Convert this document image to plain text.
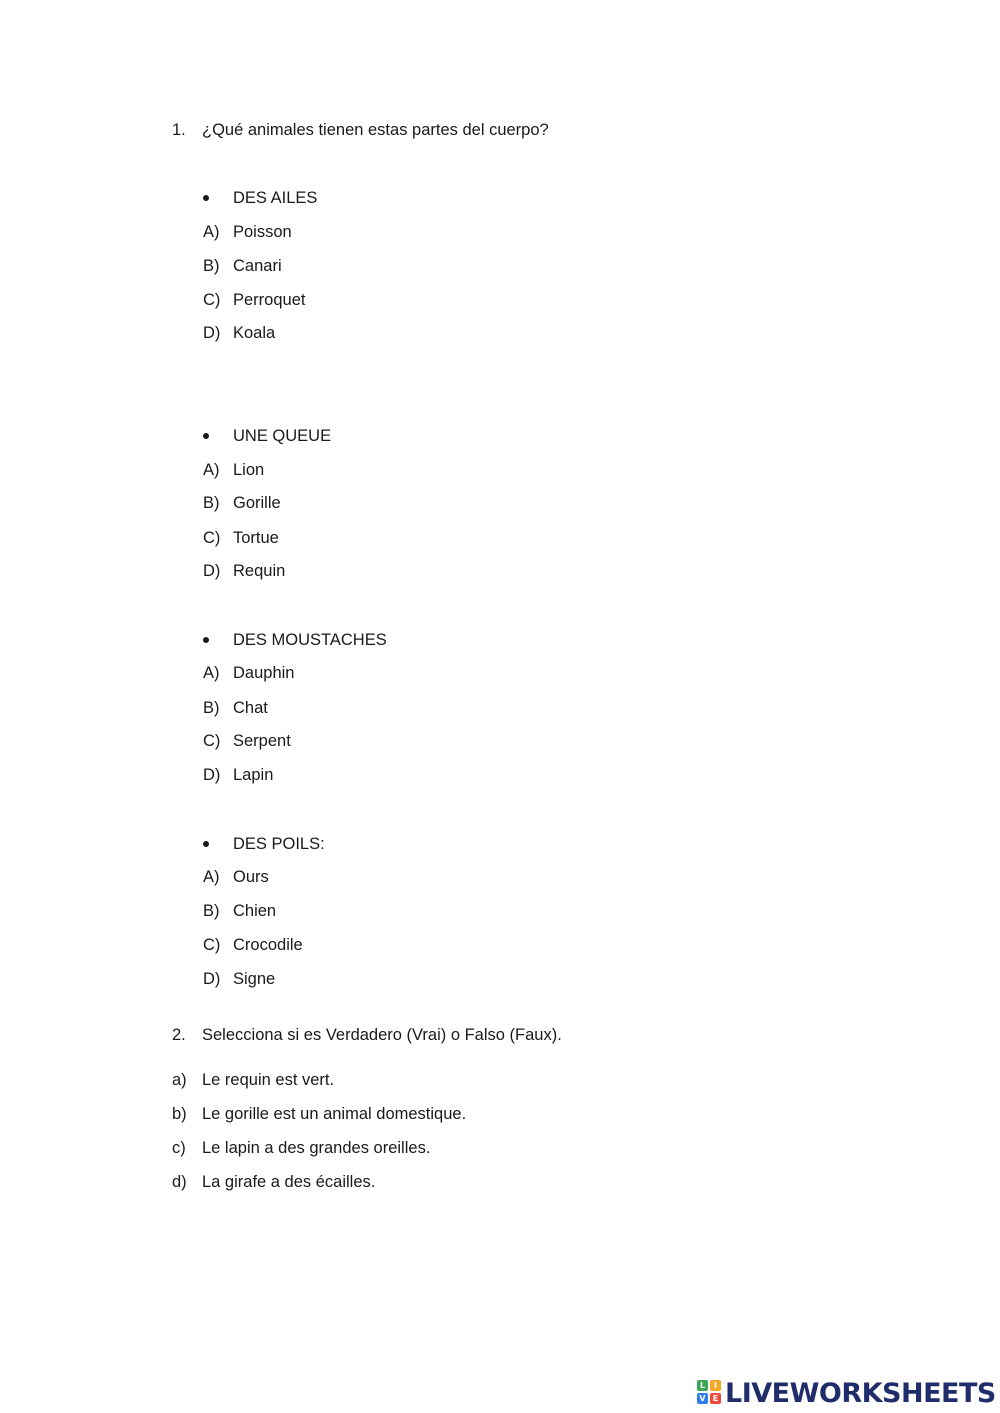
1. ¿Qué animales tienen estas partes del cuerpo?
DES AILES
A) Poisson
B) Canari
C) Perroquet
D) Koala
UNE QUEUE
A) Lion
B) Gorille
C) Tortue
D) Requin
DES MOUSTACHES
A) Dauphin
B) Chat
C) Serpent
D) Lapin
DES POILS:
A) Ours
B) Chien
C) Crocodile
D) Signe
2. Selecciona si es Verdadero (Vrai) o Falso (Faux).
a) Le requin est vert.
b) Le gorille est un animal domestique.
c) Le lapin a des grandes oreilles.
d) La girafe a des écailles.
L	I
V E LIVEWORKSHEETS
